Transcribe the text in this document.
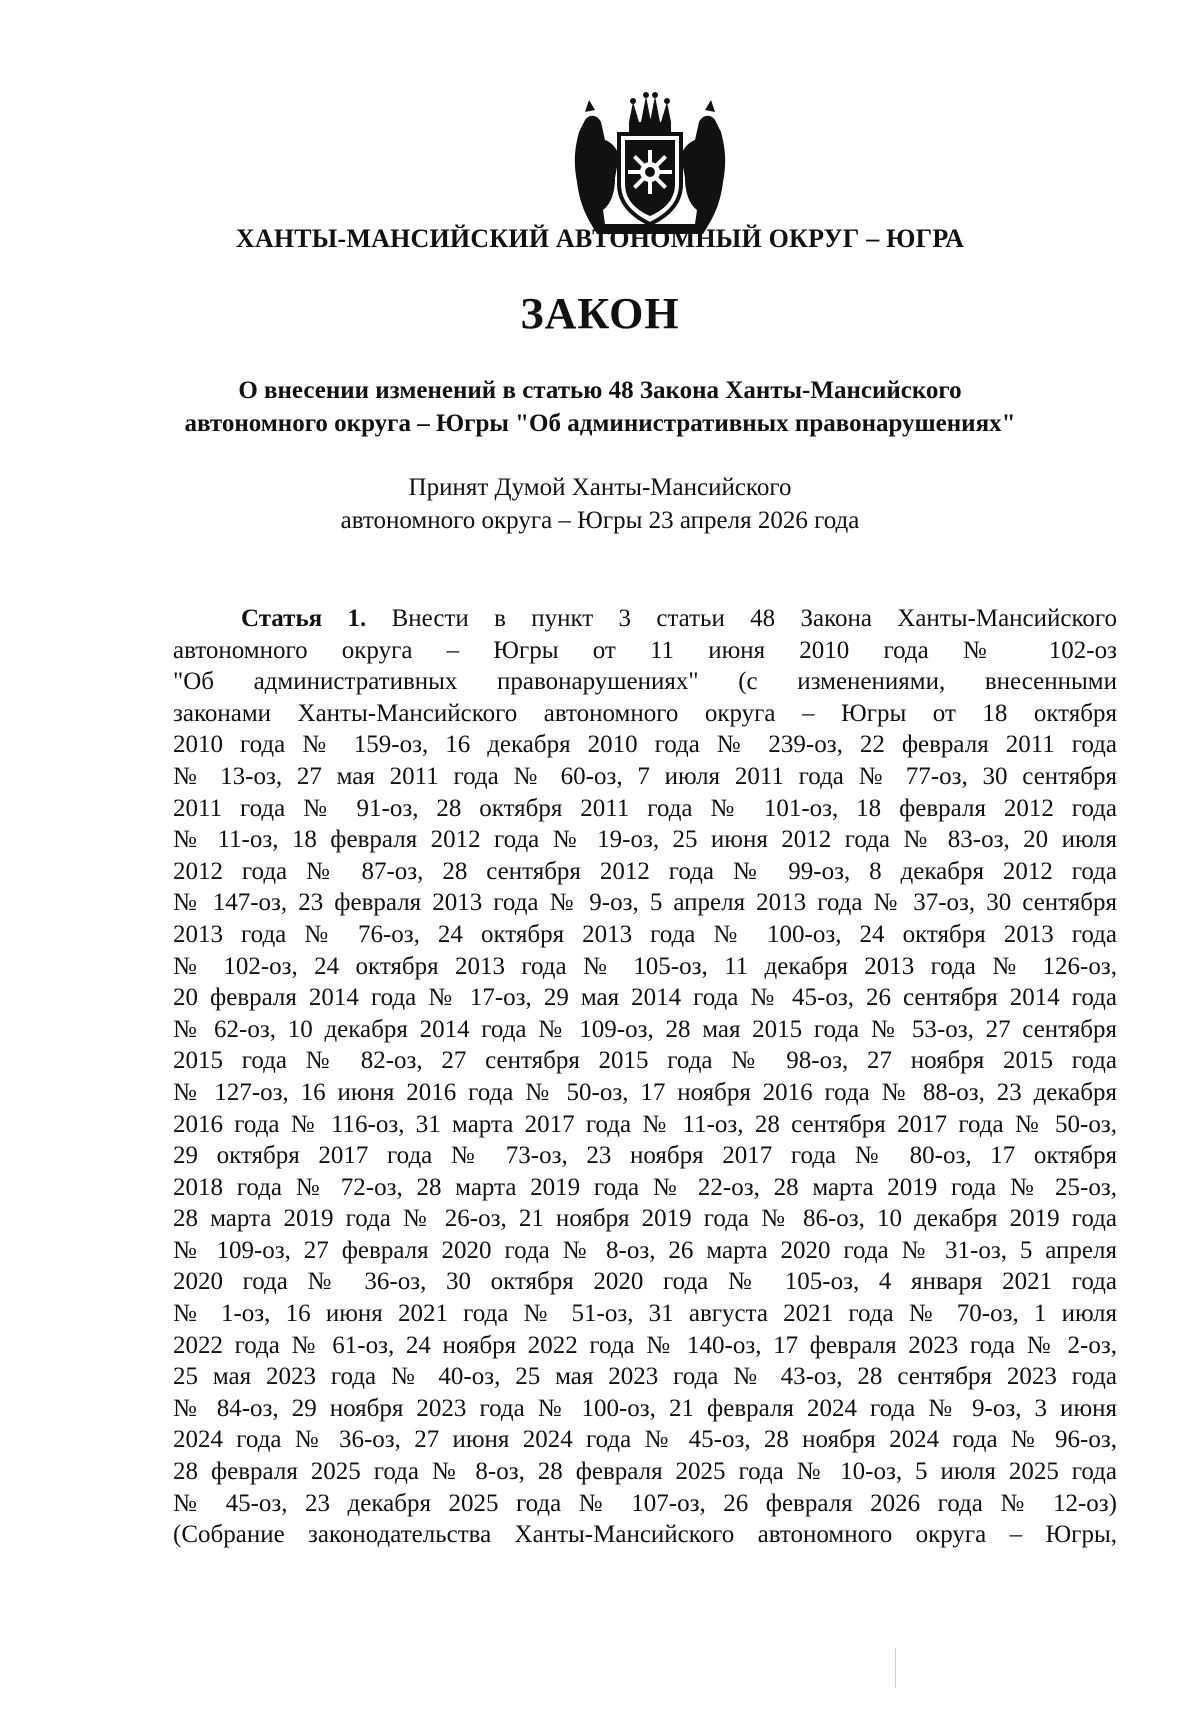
ХАНТЫ-МАНСИЙСКИЙ АВТОНОМНЫЙ ОКРУГ – ЮГРА
ЗАКОН
О внесении изменений в статью 48 Закона Ханты-Мансийского
автономного округа – Югры "Об административных правонарушениях"
Принят Думой Ханты-Мансийского
автономного округа – Югры 23 апреля 2026 года
Статья 1. Внести в пункт 3 статьи 48 Закона Ханты-Мансийского
автономного округа – Югры от 11 июня 2010 года № 102-оз
"Об административных правонарушениях" (с изменениями, внесенными
законами Ханты-Мансийского автономного округа – Югры от 18 октября
2010 года № 159-оз, 16 декабря 2010 года № 239-оз, 22 февраля 2011 года
№ 13-оз, 27 мая 2011 года № 60-оз, 7 июля 2011 года № 77-оз, 30 сентября
2011 года № 91-оз, 28 октября 2011 года № 101-оз, 18 февраля 2012 года
№ 11-оз, 18 февраля 2012 года № 19-оз, 25 июня 2012 года № 83-оз, 20 июля
2012 года № 87-оз, 28 сентября 2012 года № 99-оз, 8 декабря 2012 года
№ 147-оз, 23 февраля 2013 года № 9-оз, 5 апреля 2013 года № 37-оз, 30 сентября
2013 года № 76-оз, 24 октября 2013 года № 100-оз, 24 октября 2013 года
№ 102-оз, 24 октября 2013 года № 105-оз, 11 декабря 2013 года № 126-оз,
20 февраля 2014 года № 17-оз, 29 мая 2014 года № 45-оз, 26 сентября 2014 года
№ 62-оз, 10 декабря 2014 года № 109-оз, 28 мая 2015 года № 53-оз, 27 сентября
2015 года № 82-оз, 27 сентября 2015 года № 98-оз, 27 ноября 2015 года
№ 127-оз, 16 июня 2016 года № 50-оз, 17 ноября 2016 года № 88-оз, 23 декабря
2016 года № 116-оз, 31 марта 2017 года № 11-оз, 28 сентября 2017 года № 50-оз,
29 октября 2017 года № 73-оз, 23 ноября 2017 года № 80-оз, 17 октября
2018 года № 72-оз, 28 марта 2019 года № 22-оз, 28 марта 2019 года № 25-оз,
28 марта 2019 года № 26-оз, 21 ноября 2019 года № 86-оз, 10 декабря 2019 года
№ 109-оз, 27 февраля 2020 года № 8-оз, 26 марта 2020 года № 31-оз, 5 апреля
2020 года № 36-оз, 30 октября 2020 года № 105-оз, 4 января 2021 года
№ 1-оз, 16 июня 2021 года № 51-оз, 31 августа 2021 года № 70-оз, 1 июля
2022 года № 61-оз, 24 ноября 2022 года № 140-оз, 17 февраля 2023 года № 2-оз,
25 мая 2023 года № 40-оз, 25 мая 2023 года № 43-оз, 28 сентября 2023 года
№ 84-оз, 29 ноября 2023 года № 100-оз, 21 февраля 2024 года № 9-оз, 3 июня
2024 года № 36-оз, 27 июня 2024 года № 45-оз, 28 ноября 2024 года № 96-оз,
28 февраля 2025 года № 8-оз, 28 февраля 2025 года № 10-оз, 5 июля 2025 года
№ 45-оз, 23 декабря 2025 года № 107-оз, 26 февраля 2026 года № 12-оз)
(Собрание законодательства Ханты-Мансийского автономного округа – Югры,
